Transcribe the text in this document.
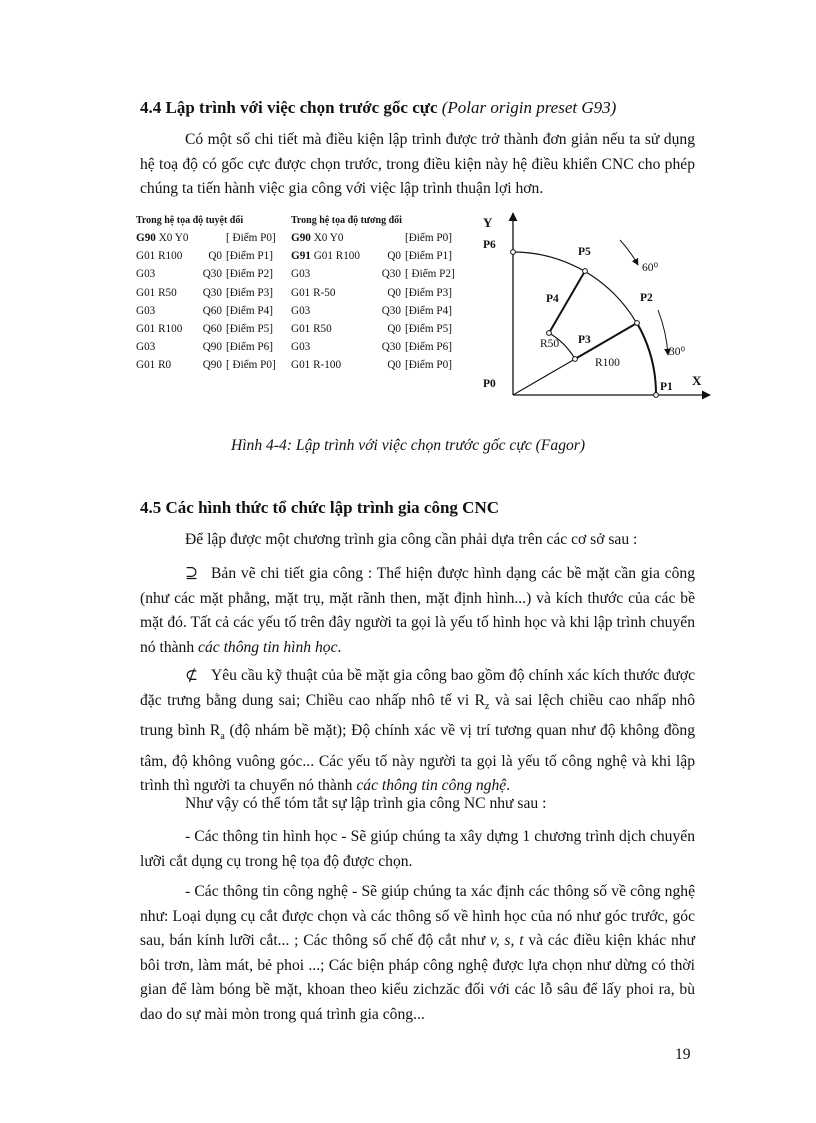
4.4 Lập trình với việc chọn trước gốc cực (Polar origin preset G93)

Có một số chi tiết mà điều kiện lập trình được trở thành đơn giản nếu ta sử dụng hệ toạ độ có gốc cực được chọn trước, trong điều kiện này hệ điều khiển CNC cho phép chúng ta tiến hành việc gia công với việc lập trình thuận lợi hơn.

Trong hệ tọa độ tuyệt đối		
G90 X0 Y0		[ Điểm P0]
G01 R100	Q0	[Điểm P1]
G03	Q30	[Điểm P2]
G01 R50	Q30	[Điểm P3]
G03	Q60	[Điểm P4]
G01 R100	Q60	[Điểm P5]
G03	Q90	[Điểm P6]
G01 R0	Q90	[ Điểm P0]
Trong hệ tọa độ tương đối		
G90 X0 Y0		[Điểm P0]
G91 G01 R100	Q0	[Điểm P1]
G03	Q30	[ Điểm P2]
G01 R-50	Q0	[Điểm P3]
G03	Q30	[Điểm P4]
G01 R50	Q0	[Điểm P5]
G03	Q30	[Điểm P6]
G01 R-100	Q0	[Điểm P0]
Y
X
P0	P1
P2
P3
P4
P5
P6
R100
R50
60⁰
30⁰
Hình 4-4: Lập trình với việc chọn trước gốc cực (Fagor)
4.5 Các hình thức tổ chức lập trình gia công CNC

Để lập được một chương trình gia công cần phải dựa trên các cơ sở sau :

⊇ Bản vẽ chi tiết gia công : Thể hiện được hình dạng các bề mặt cần gia công (như các mặt phẳng, mặt trụ, mặt rãnh then, mặt định hình...) và kích thước của các bề mặt đó. Tất cả các yếu tố trên đây người ta gọi là yếu tố hình học và khi lập trình chuyển nó thành các thông tin hình học.

⊄ Yêu cầu kỹ thuật của bề mặt gia công bao gồm độ chính xác kích thước được đặc trưng bằng dung sai; Chiều cao nhấp nhô tế vi $R_z$ và sai lệch chiều cao nhấp nhô trung bình $R_a$ (độ nhám bề mặt); Độ chính xác về vị trí tương quan như độ không đồng tâm, độ không vuông góc... Các yếu tố này người ta gọi là yếu tố công nghệ và khi lập trình thì người ta chuyển nó thành các thông tin công nghệ.

Như vậy có thể tóm tắt sự lập trình gia công NC như sau :

- Các thông tin hình học - Sẽ giúp chúng ta xây dựng 1 chương trình dịch chuyển lưỡi cắt dụng cụ trong hệ tọa độ được chọn.

- Các thông tin công nghệ - Sẽ giúp chúng ta xác định các thông số về công nghệ như: Loại dụng cụ cắt được chọn và các thông số về hình học của nó như góc trước, góc sau, bán kính lưỡi cắt... ; Các thông số chế độ cắt như v, s, t và các điều kiện khác như bôi trơn, làm mát, bẻ phoi ...; Các biện pháp công nghệ được lựa chọn như dừng có thời gian để làm bóng bề mặt, khoan theo kiểu zichzăc đối với các lỗ sâu để lấy phoi ra, bù dao do sự mài mòn trong quá trình gia công...

19
